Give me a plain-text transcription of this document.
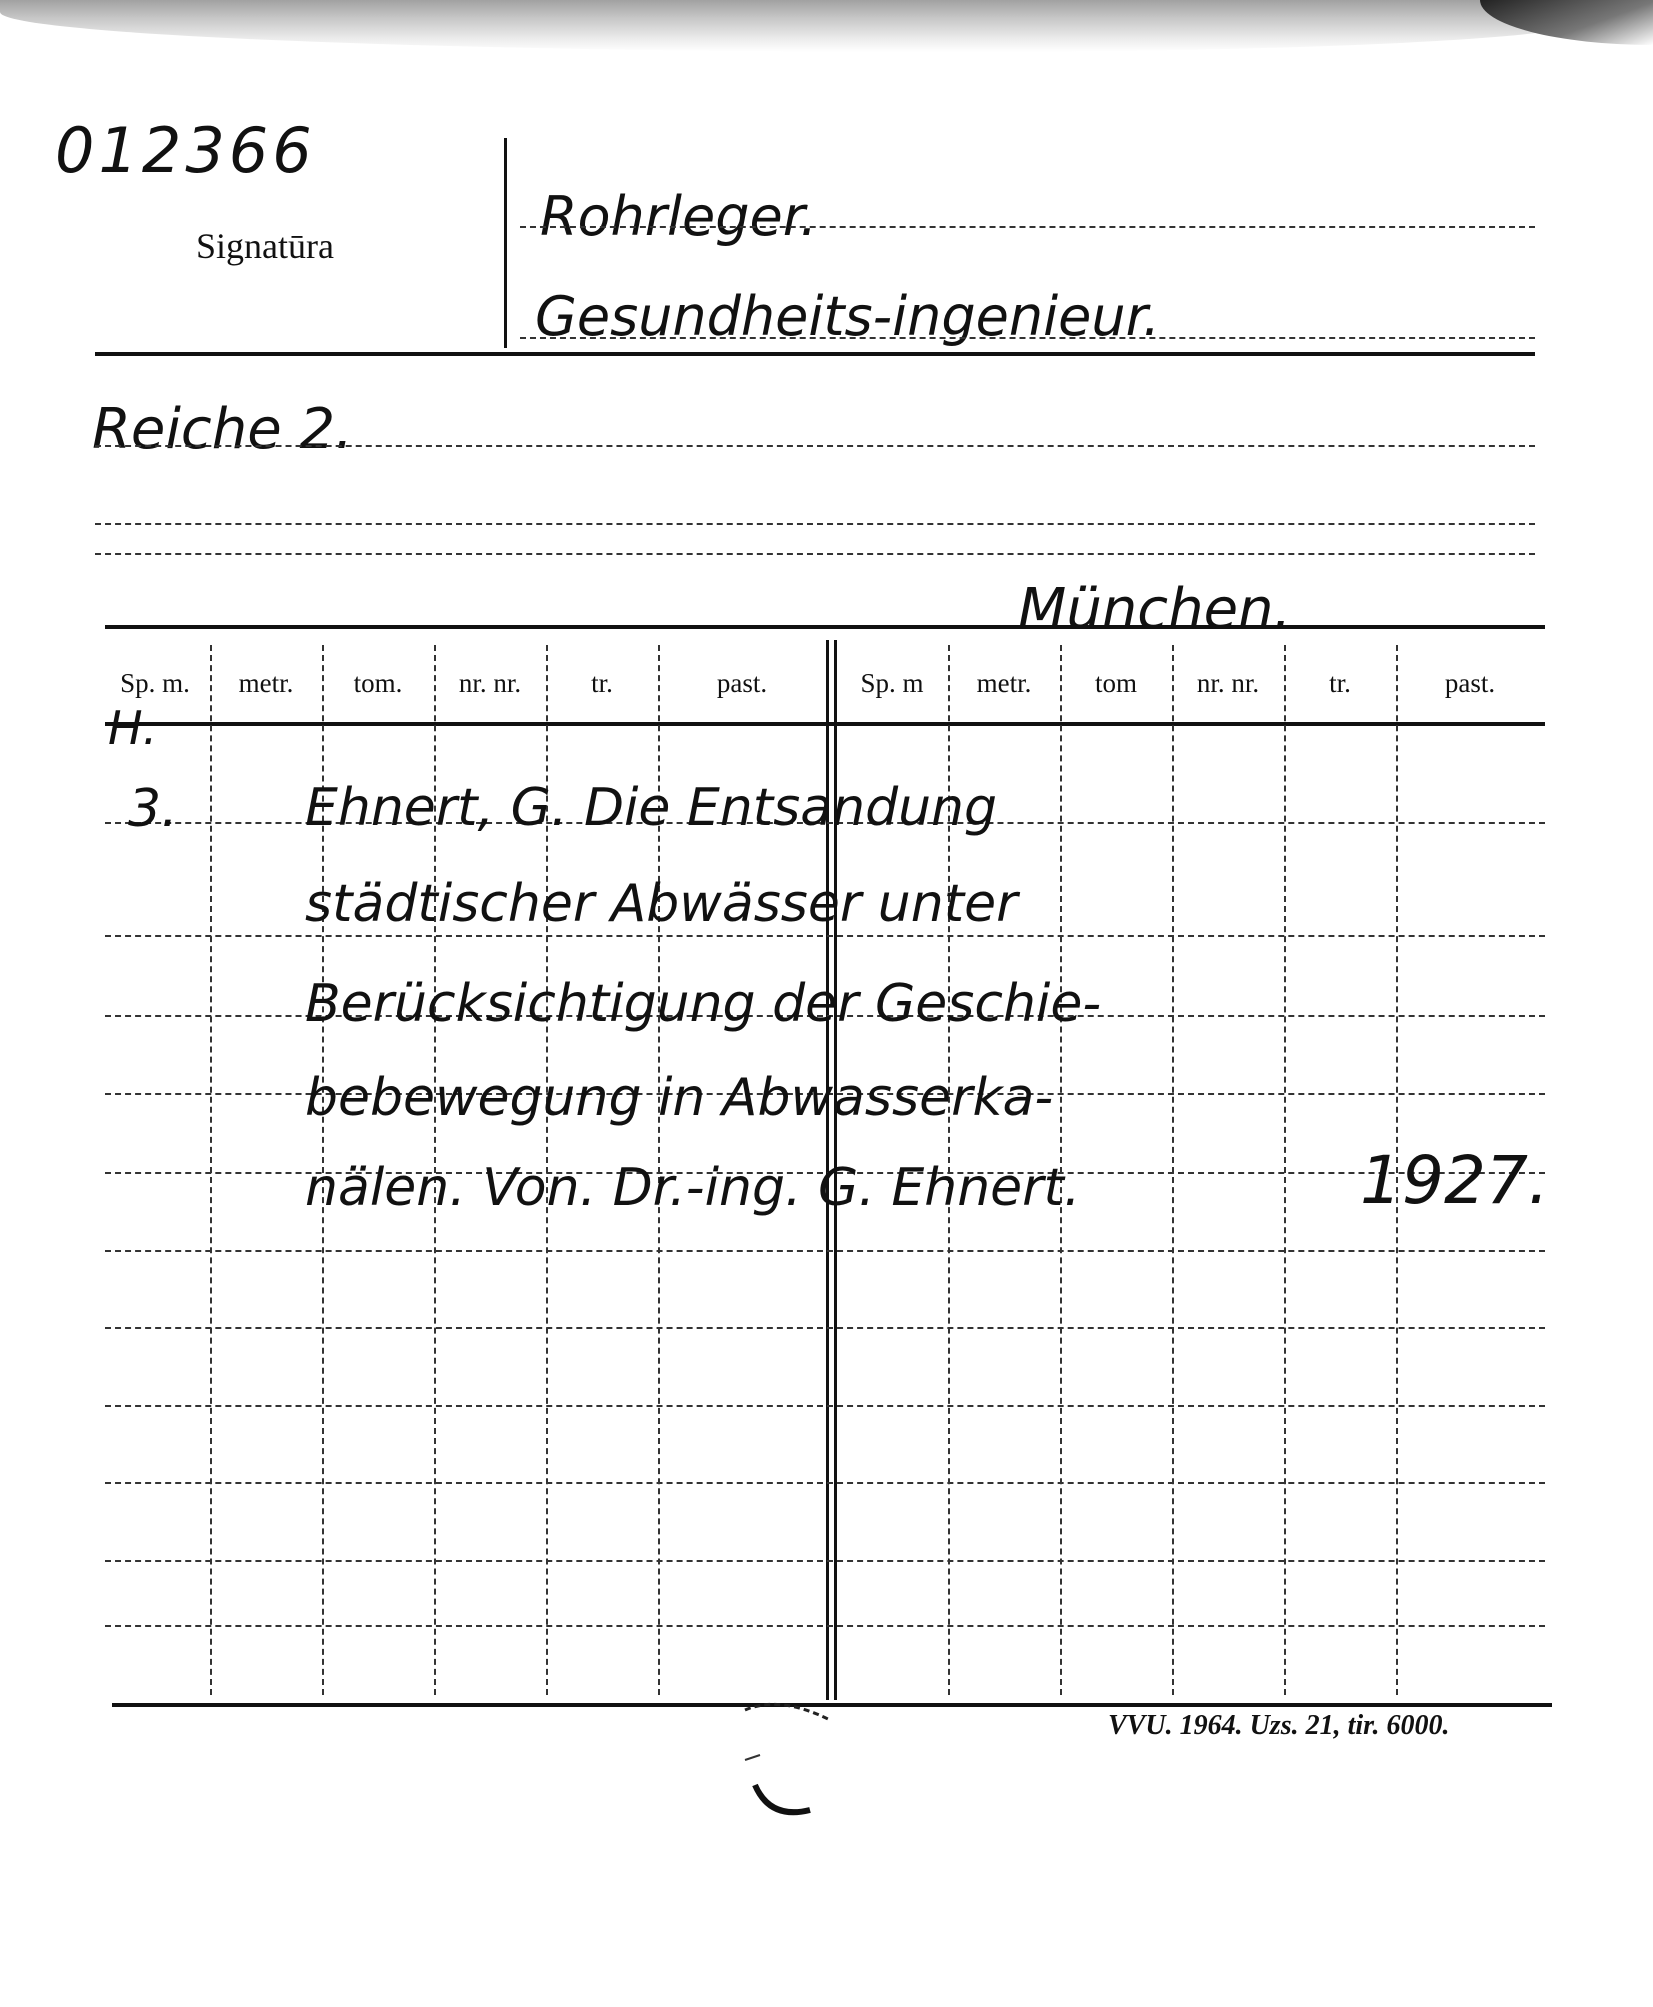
012366
Signatūra	Rohrleger.
Gesundheits-ingenieur.
Reiche 2.
München.
Sp. m.	metr.	tom.	nr. nr.	tr.	past.	Sp. m	metr.	tom	nr. nr.	tr.	past.
H.
3. Ehnert, G. Die Entsandung
städtischer Abwässer unter
Berücksichtigung der Geschie-
bebewegung in Abwasserka-
nälen. Von. Dr.-ing. G. Ehnert.	1927.
VVU. 1964. Uzs. 21, tir. 6000.
